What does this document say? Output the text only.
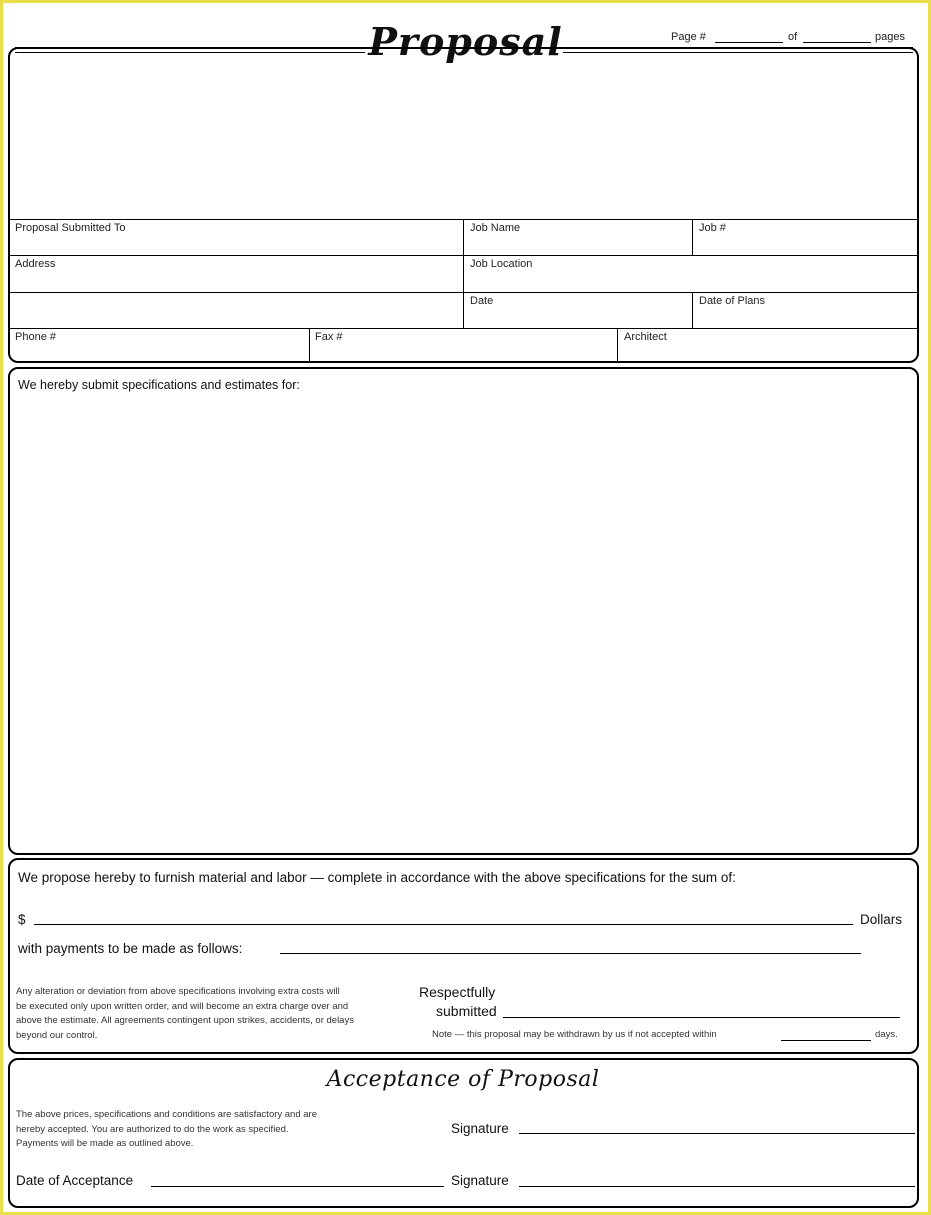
Proposal	Page #	of	pages
Proposal Submitted To	Job Name	Job #
Address	Job Location
Date	Date of Plans
Phone #	Fax #	Architect
We hereby submit specifications and estimates for:
We propose hereby to furnish material and labor — complete in accordance with the above specifications for the sum of:
$	Dollars
with payments to be made as follows:
Any alteration or deviation from above specifications involving extra costs will
be executed only upon written order, and will become an extra charge over and
above the estimate. All agreements contingent upon strikes, accidents, or delays
beyond our control.
Respectfully
submitted
Note — this proposal may be withdrawn by us if not accepted within	days.
Acceptance of Proposal
The above prices, specifications and conditions are satisfactory and are
hereby accepted. You are authorized to do the work as specified.
Payments will be made as outlined above.
Signature
Date of Acceptance	Signature
